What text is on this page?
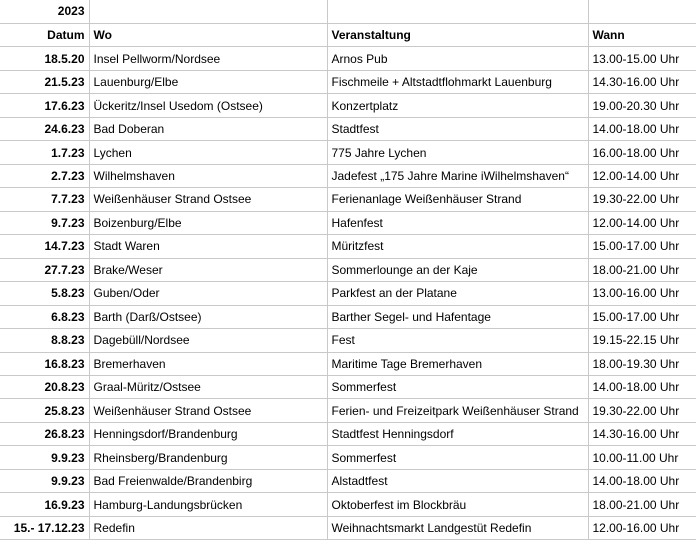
2023			
Datum	Wo	Veranstaltung	Wann
18.5.20	Insel Pellworm/Nordsee	Arnos Pub	13.00-15.00 Uhr
21.5.23	Lauenburg/Elbe	Fischmeile + Altstadtflohmarkt Lauenburg	14.30-16.00 Uhr
17.6.23	Ückeritz/Insel Usedom (Ostsee)	Konzertplatz	19.00-20.30 Uhr
24.6.23	Bad Doberan	Stadtfest	14.00-18.00 Uhr
1.7.23	Lychen	775 Jahre Lychen	16.00-18.00 Uhr
2.7.23	Wilhelmshaven	Jadefest „175 Jahre Marine iWilhelmshaven“	12.00-14.00 Uhr
7.7.23	Weißenhäuser Strand Ostsee	Ferienanlage Weißenhäuser Strand	19.30-22.00 Uhr
9.7.23	Boizenburg/Elbe	Hafenfest	12.00-14.00 Uhr
14.7.23	Stadt Waren	Müritzfest	15.00-17.00 Uhr
27.7.23	Brake/Weser	Sommerlounge an der Kaje	18.00-21.00 Uhr
5.8.23	Guben/Oder	Parkfest an der Platane	13.00-16.00 Uhr
6.8.23	Barth (Darß/Ostsee)	Barther Segel- und Hafentage	15.00-17.00 Uhr
8.8.23	Dagebüll/Nordsee	Fest	19.15-22.15 Uhr
16.8.23	Bremerhaven	Maritime Tage Bremerhaven	18.00-19.30 Uhr
20.8.23	Graal-Müritz/Ostsee	Sommerfest	14.00-18.00 Uhr
25.8.23	Weißenhäuser Strand Ostsee	Ferien- und Freizeitpark Weißenhäuser Strand	19.30-22.00 Uhr
26.8.23	Henningsdorf/Brandenburg	Stadtfest Henningsdorf	14.30-16.00 Uhr
9.9.23	Rheinsberg/Brandenburg	Sommerfest	10.00-11.00 Uhr
9.9.23	Bad Freienwalde/Brandenbirg	Alstadtfest	14.00-18.00 Uhr
16.9.23	Hamburg-Landungsbrücken	Oktoberfest im Blockbräu	18.00-21.00 Uhr
15.- 17.12.23	Redefin	Weihnachtsmarkt Landgestüt Redefin	12.00-16.00 Uhr
